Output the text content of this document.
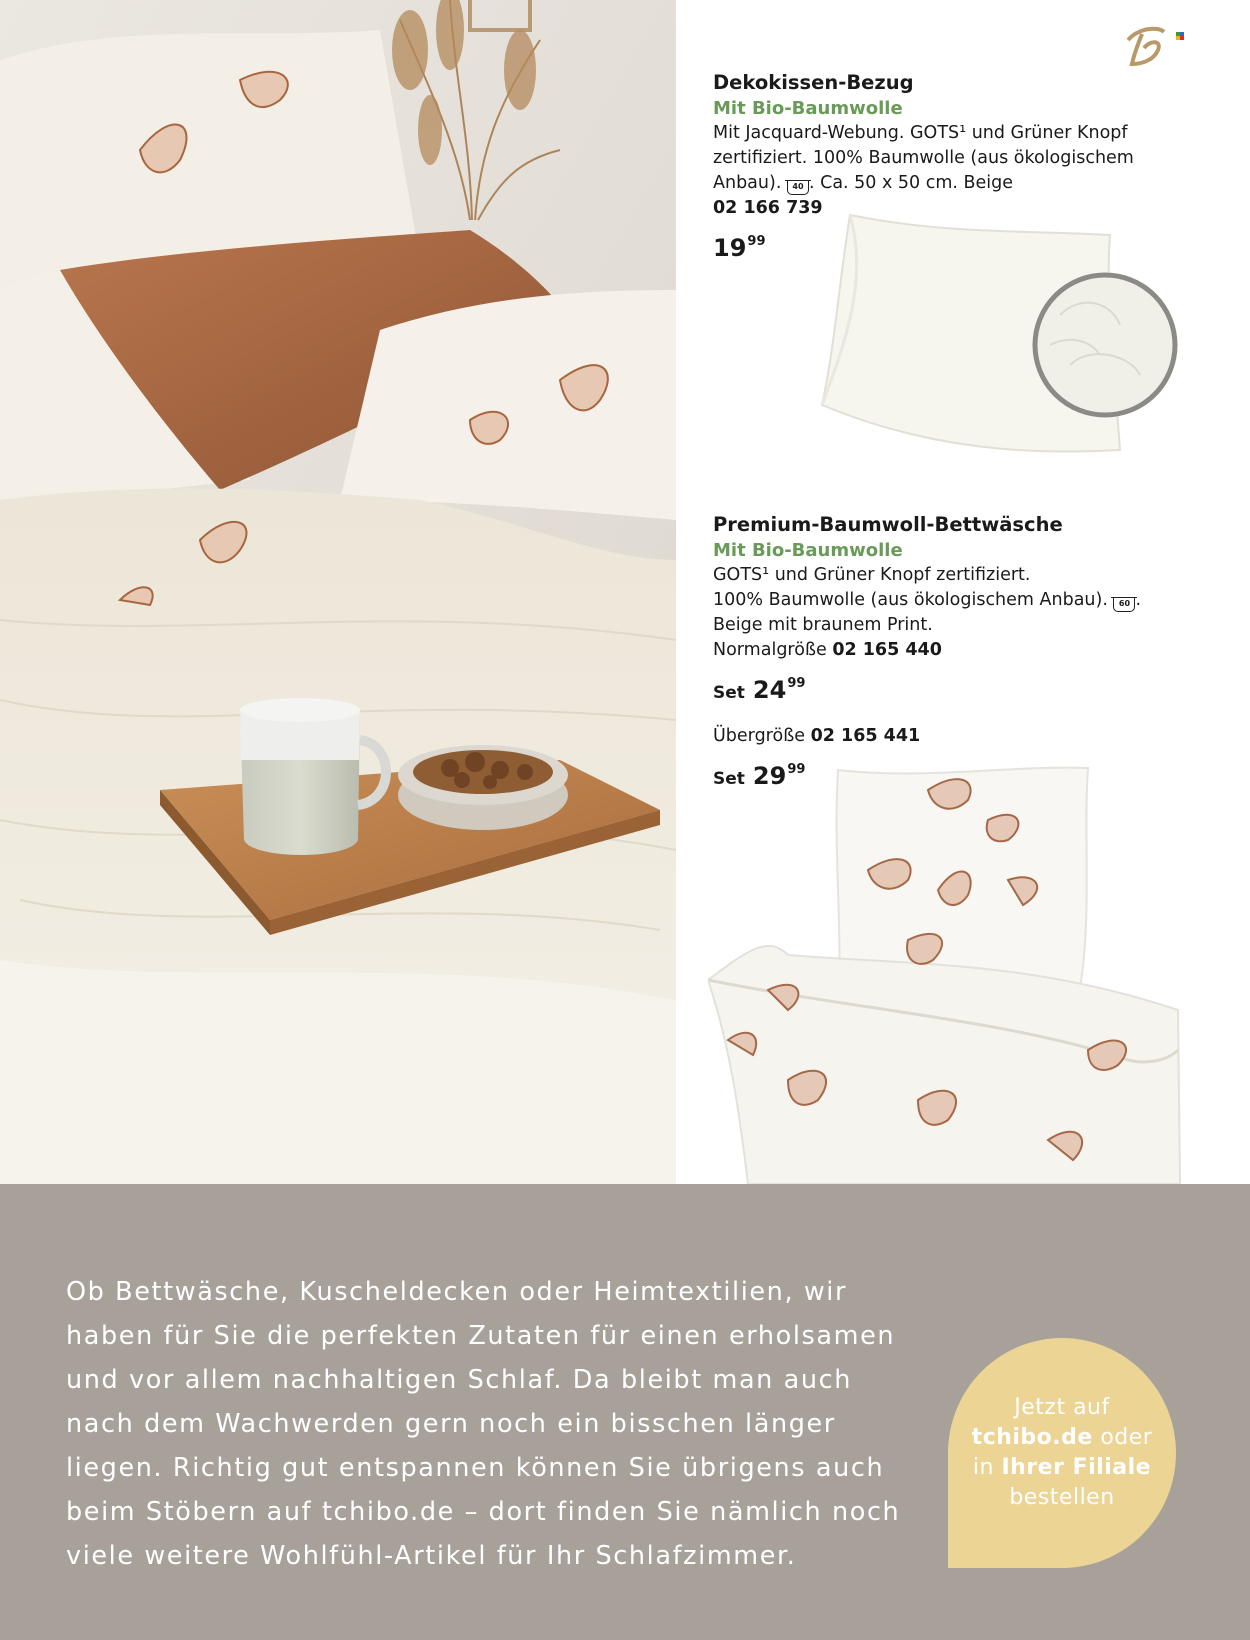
Dekokissen-Bezug
Mit Bio-Baumwolle
Mit Jacquard-Webung. GOTS¹ und Grüner Knopf
zertifiziert. 100% Baumwolle (aus ökologischem
Anbau). 40 . Ca. 50 x 50 cm. Beige
02 166 739
$19^{99}$
Premium-Baumwoll-Bettwäsche
Mit Bio-Baumwolle
GOTS¹ und Grüner Knopf zertifiziert.
100% Baumwolle (aus ökologischem Anbau). 60 .
Beige mit braunem Print.
Normalgröße 02 165 440
Set $24^{99}$
Übergröße 02 165 441
Set $29^{99}$
Ob Bettwäsche, Kuscheldecken oder Heimtextilien, wir
haben für Sie die perfekten Zutaten für einen erholsamen
und vor allem nachhaltigen Schlaf. Da bleibt man auch
nach dem Wachwerden gern noch ein bisschen länger
liegen. Richtig gut entspannen können Sie übrigens auch
beim Stöbern auf tchibo.de – dort finden Sie nämlich noch
viele weitere Wohlfühl-Artikel für Ihr Schlafzimmer.
Jetzt auf
tchibo.de oder
in Ihrer Filiale
bestellen
